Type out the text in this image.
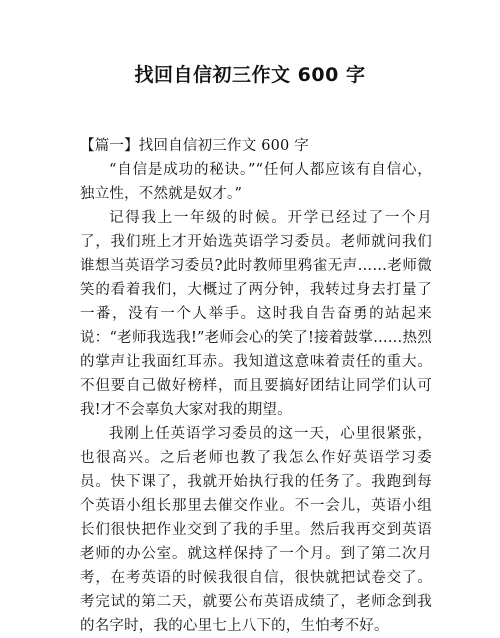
找回自信初三作文 600 字

【篇一】找回自信初三作文 600 字

“自信是成功的秘诀。”“任何人都应该有自信心，独立性，不然就是奴才。”

记得我上一年级的时候。开学已经过了一个月了，我们班上才开始选英语学习委员。老师就问我们谁想当英语学习委员?此时教师里鸦雀无声……老师微笑的看着我们，大概过了两分钟，我转过身去打量了一番，没有一个人举手。这时我自告奋勇的站起来说：“老师我选我!”老师会心的笑了!接着鼓掌……热烈的掌声让我面红耳赤。我知道这意味着责任的重大。不但要自己做好榜样，而且要搞好团结让同学们认可我!才不会辜负大家对我的期望。

我刚上任英语学习委员的这一天，心里很紧张，也很高兴。之后老师也教了我怎么作好英语学习委员。快下课了，我就开始执行我的任务了。我跑到每个英语小组长那里去催交作业。不一会儿，英语小组长们很快把作业交到了我的手里。然后我再交到英语老师的办公室。就这样保持了一个月。到了第二次月考，在考英语的时候我很自信，很快就把试卷交了。考完试的第二天，就要公布英语成绩了，老师念到我的名字时，我的心里七上八下的，生怕考不好。
